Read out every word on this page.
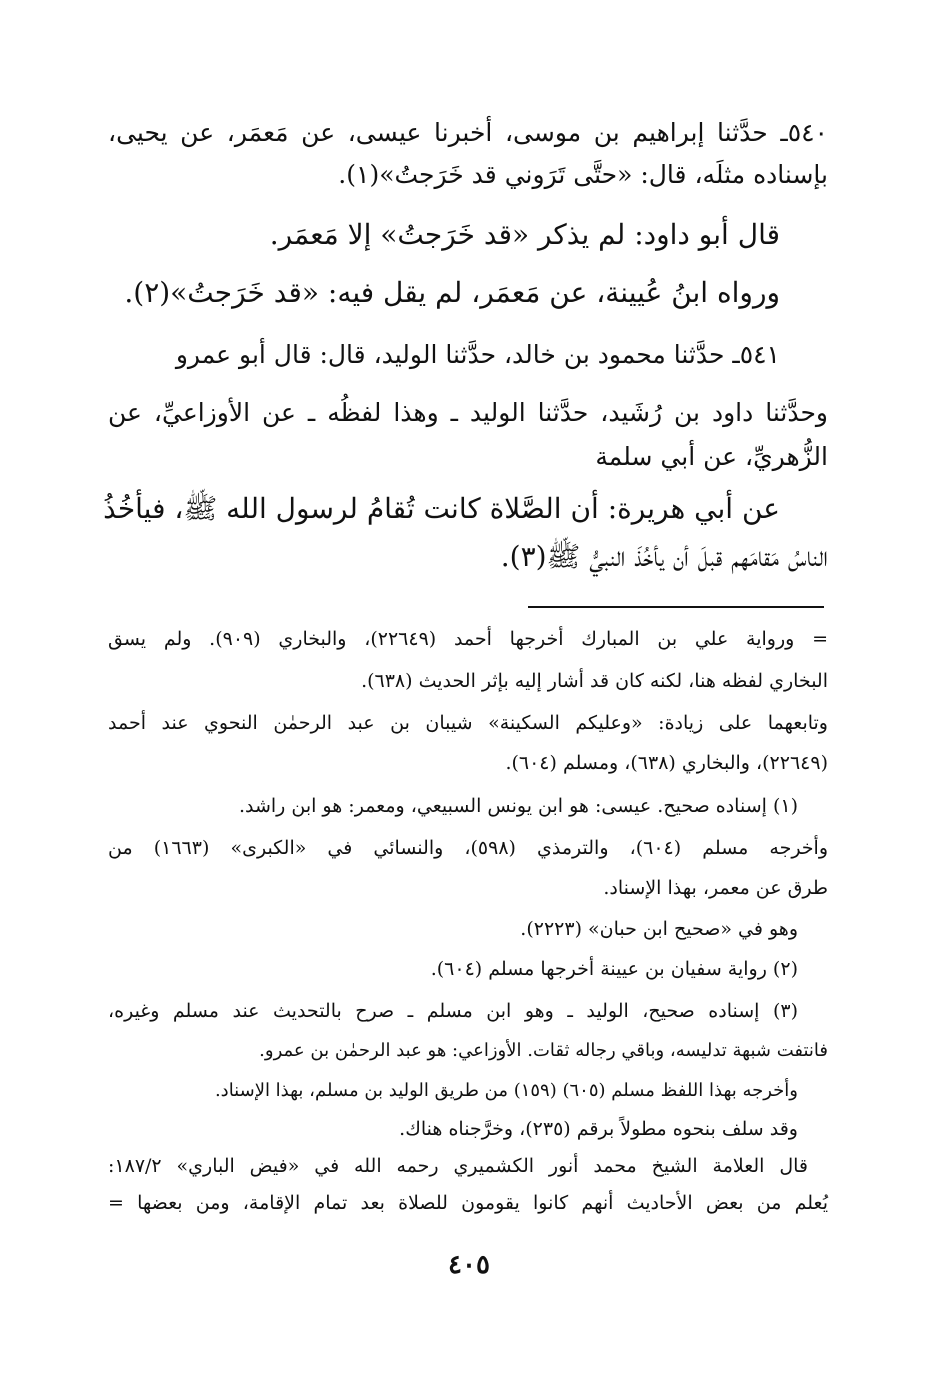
٥٤٠ـ حدَّثنا إبراهيم بن موسى، أخبرنا عيسى، عن مَعمَر، عن يحيى،
بإسناده مثلَه، قال: «حتَّى تَرَوني قد خَرَجتُ»(١).
قال أبو داود: لم يذكر «قد خَرَجتُ» إلا مَعمَر.
ورواه ابنُ عُيينة، عن مَعمَر، لم يقل فيه: «قد خَرَجتُ»(٢).
٥٤١ـ حدَّثنا محمود بن خالد، حدَّثنا الوليد، قال: قال أبو عمرو
وحدَّثنا داود بن رُشَيد، حدَّثنا الوليد ـ وهذا لفظُه ـ عن الأوزاعيِّ، عن
الزُّهريِّ، عن أبي سلمة
عن أبي هريرة: أن الصَّلاة كانت تُقامُ لرسول الله ﷺ، فيأخُذُ
الناسُ مَقامَهم قبلَ أن يأخُذَ النبيُّ ﷺ(٣).
= ورواية علي بن المبارك أخرجها أحمد (٢٢٦٤٩)، والبخاري (٩٠٩). ولم يسق
البخاري لفظه هنا، لكنه كان قد أشار إليه بإثر الحديث (٦٣٨).
وتابعهما على زيادة: «وعليكم السكينة» شيبان بن عبد الرحمٰن النحوي عند أحمد
(٢٢٦٤٩)، والبخاري (٦٣٨)، ومسلم (٦٠٤).
(١) إسناده صحيح. عيسى: هو ابن يونس السبيعي، ومعمر: هو ابن راشد.
وأخرجه مسلم (٦٠٤)، والترمذي (٥٩٨)، والنسائي في «الكبرى» (١٦٦٣) من
طرق عن معمر، بهذا الإسناد.
وهو في «صحيح ابن حبان» (٢٢٢٣).
(٢) رواية سفيان بن عيينة أخرجها مسلم (٦٠٤).
(٣) إسناده صحيح، الوليد ـ وهو ابن مسلم ـ صرح بالتحديث عند مسلم وغيره،
فانتفت شبهة تدليسه، وباقي رجاله ثقات. الأوزاعي: هو عبد الرحمٰن بن عمرو.
وأخرجه بهذا اللفظ مسلم (٦٠٥) (١٥٩) من طريق الوليد بن مسلم، بهذا الإسناد.
وقد سلف بنحوه مطولاً برقم (٢٣٥)، وخرَّجناه هناك.
قال العلامة الشيخ محمد أنور الكشميري رحمه الله في «فيض الباري» ١٨٧/٢:
يُعلم من بعض الأحاديث أنهم كانوا يقومون للصلاة بعد تمام الإقامة، ومن بعضها =
٤٠٥
